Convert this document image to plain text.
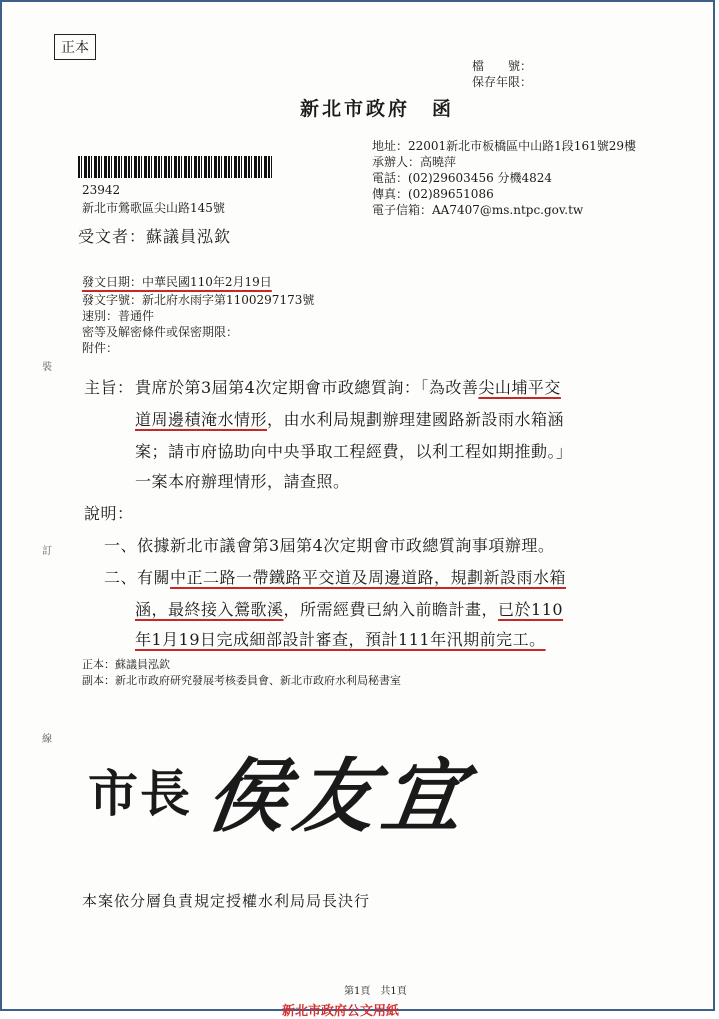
正本
檔　　號：
保存年限：
新北市政府　函
地址：22001新北市板橋區中山路1段161號29樓
承辦人：高曉萍
電話：(02)29603456 分機4824
傳真：(02)89651086
電子信箱：AA7407@ms.ntpc.gov.tw
23942
新北市鶯歌區尖山路145號
受文者：蘇議員泓欽
發文日期：中華民國110年2月19日
發文字號：新北府水雨字第1100297173號
速別：普通件
密等及解密條件或保密期限：
附件：
裝
訂
線
主旨： 貴席於第3屆第4次定期會市政總質詢：「為改善尖山埔平交
道周邊積淹水情形，由水利局規劃辦理建國路新設雨水箱涵
案；請市府協助向中央爭取工程經費，以利工程如期推動。」
一案本府辦理情形，請查照。
說明：
一、依據新北市議會第3屆第4次定期會市政總質詢事項辦理。
二、有關中正二路一帶鐵路平交道及周邊道路，規劃新設雨水箱
涵，最終接入鶯歌溪，所需經費已納入前瞻計畫，已於110
年1月19日完成細部設計審查，預計111年汛期前完工。
正本：蘇議員泓欽
副本：新北市政府研究發展考核委員會、新北市政府水利局秘書室
市長 侯友宜
本案依分層負責規定授權水利局局長決行
第1頁　共1頁
新北市政府公文用紙
